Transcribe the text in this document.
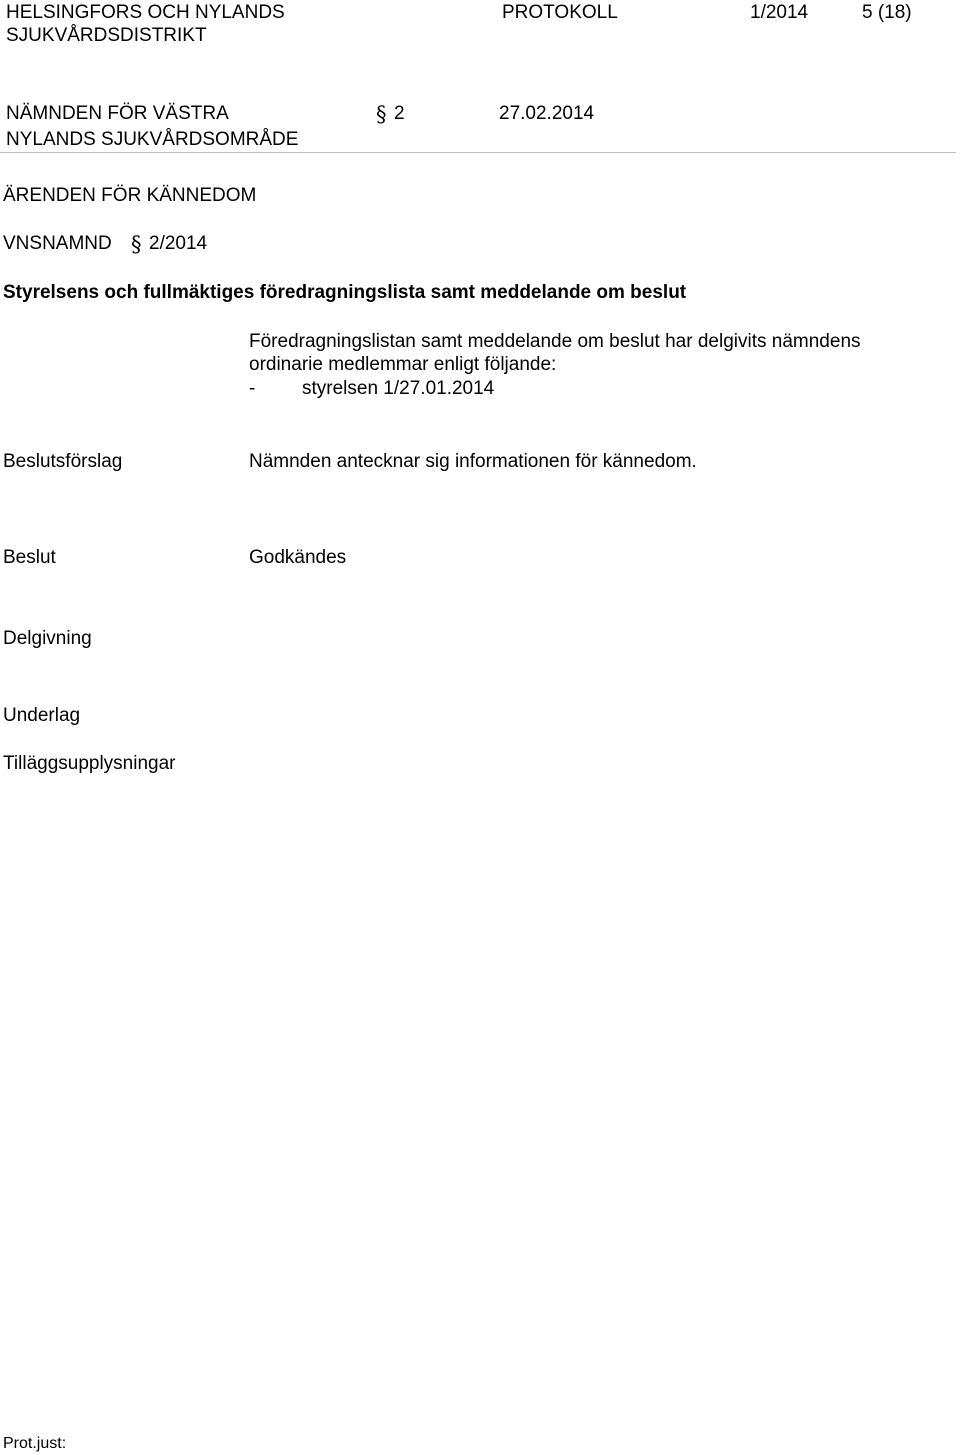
HELSINGFORS OCH NYLANDS
SJUKVÅRDSDISTRIKT
PROTOKOLL	1/2014	5 (18)
NÄMNDEN FÖR VÄSTRA
NYLANDS SJUKVÅRDSOMRÅDE
§ 2	27.02.2014
ÄRENDEN FÖR KÄNNEDOM
VNSNAMND § 2/2014
Styrelsens och fullmäktiges föredragningslista samt meddelande om beslut
Föredragningslistan samt meddelande om beslut har delgivits nämndens
ordinarie medlemmar enligt följande:
- styrelsen 1/27.01.2014
Beslutsförslag	Nämnden antecknar sig informationen för kännedom.
Beslut	Godkändes
Delgivning
Underlag
Tilläggsupplysningar
Prot.just:
